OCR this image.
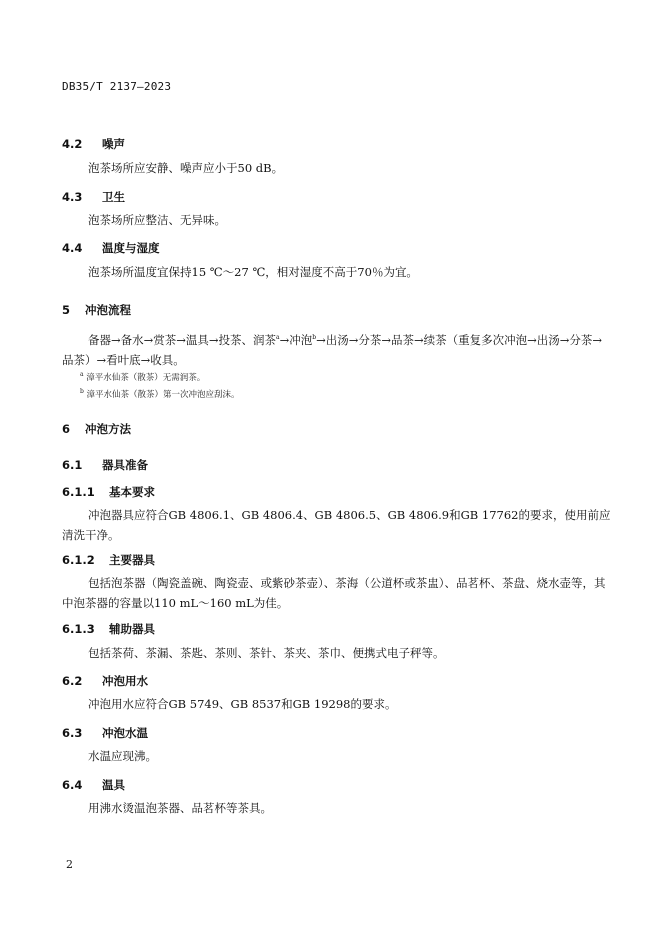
DB35/T 2137—2023
4.2 噪声
泡茶场所应安静、噪声应小于50 dB。
4.3 卫生
泡茶场所应整洁、无异味。
4.4 温度与湿度
泡茶场所温度宜保持15 ℃～27 ℃，相对湿度不高于70％为宜。
5 冲泡流程
备器→备水→赏茶→温具→投茶、润茶$^a$→冲泡$^b$→出汤→分茶→品茶→续茶（重复多次冲泡→出汤→分茶→品茶）→看叶底→收具。
$^a$ 漳平水仙茶（散茶）无需润茶。
$^b$ 漳平水仙茶（散茶）第一次冲泡应刮沫。
6 冲泡方法
6.1 器具准备
6.1.1 基本要求
冲泡器具应符合GB 4806.1、GB 4806.4、GB 4806.5、GB 4806.9和GB 17762的要求，使用前应清洗干净。
6.1.2 主要器具
包括泡茶器（陶瓷盖碗、陶瓷壶、或紫砂茶壶）、茶海（公道杯或茶盅）、品茗杯、茶盘、烧水壶等，其中泡茶器的容量以110 mL～160 mL为佳。
6.1.3 辅助器具
包括茶荷、茶漏、茶匙、茶则、茶针、茶夹、茶巾、便携式电子秤等。
6.2 冲泡用水
冲泡用水应符合GB 5749、GB 8537和GB 19298的要求。
6.3 冲泡水温
水温应现沸。
6.4 温具
用沸水烫温泡茶器、品茗杯等茶具。
2
